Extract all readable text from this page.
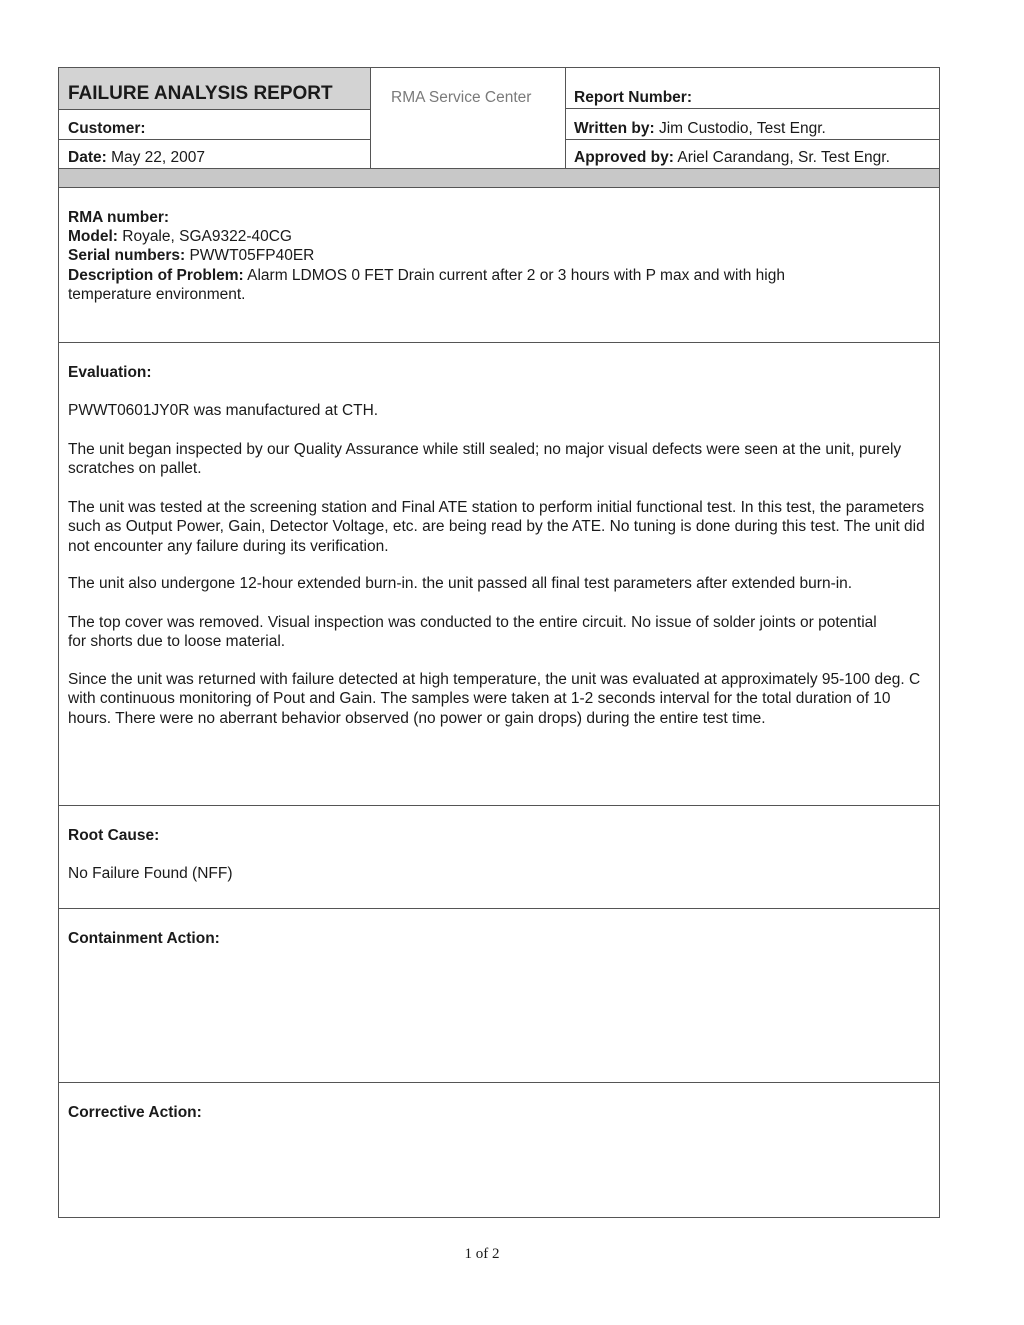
FAILURE ANALYSIS REPORT	RMA Service Center
Customer:
Date: May 22, 2007
Report Number:
Written by: Jim Custodio, Test Engr.
Approved by: Ariel Carandang, Sr. Test Engr.
RMA number:
Model: Royale, SGA9322-40CG
Serial numbers: PWWT05FP40ER

Description of Problem: Alarm LDMOS 0 FET Drain current after 2 or 3 hours with P max and with high temperature environment.

Evaluation:

PWWT0601JY0R was manufactured at CTH.

The unit began inspected by our Quality Assurance while still sealed; no major visual defects were seen at the unit, purely scratches on pallet.

The unit was tested at the screening station and Final ATE station to perform initial functional test. In this test, the parameters such as Output Power, Gain, Detector Voltage, etc. are being read by the ATE. No tuning is done during this test. The unit did not encounter any failure during its verification.

The unit also undergone 12-hour extended burn-in. the unit passed all final test parameters after extended burn-in.

The top cover was removed. Visual inspection was conducted to the entire circuit. No issue of solder joints or potential for shorts due to loose material.

Since the unit was returned with failure detected at high temperature, the unit was evaluated at approximately 95-100 deg. C with continuous monitoring of Pout and Gain. The samples were taken at 1-2 seconds interval for the total duration of 10 hours. There were no aberrant behavior observed (no power or gain drops) during the entire test time.

Root Cause:
No Failure Found (NFF)
Containment Action:
Corrective Action:
1 of 2
